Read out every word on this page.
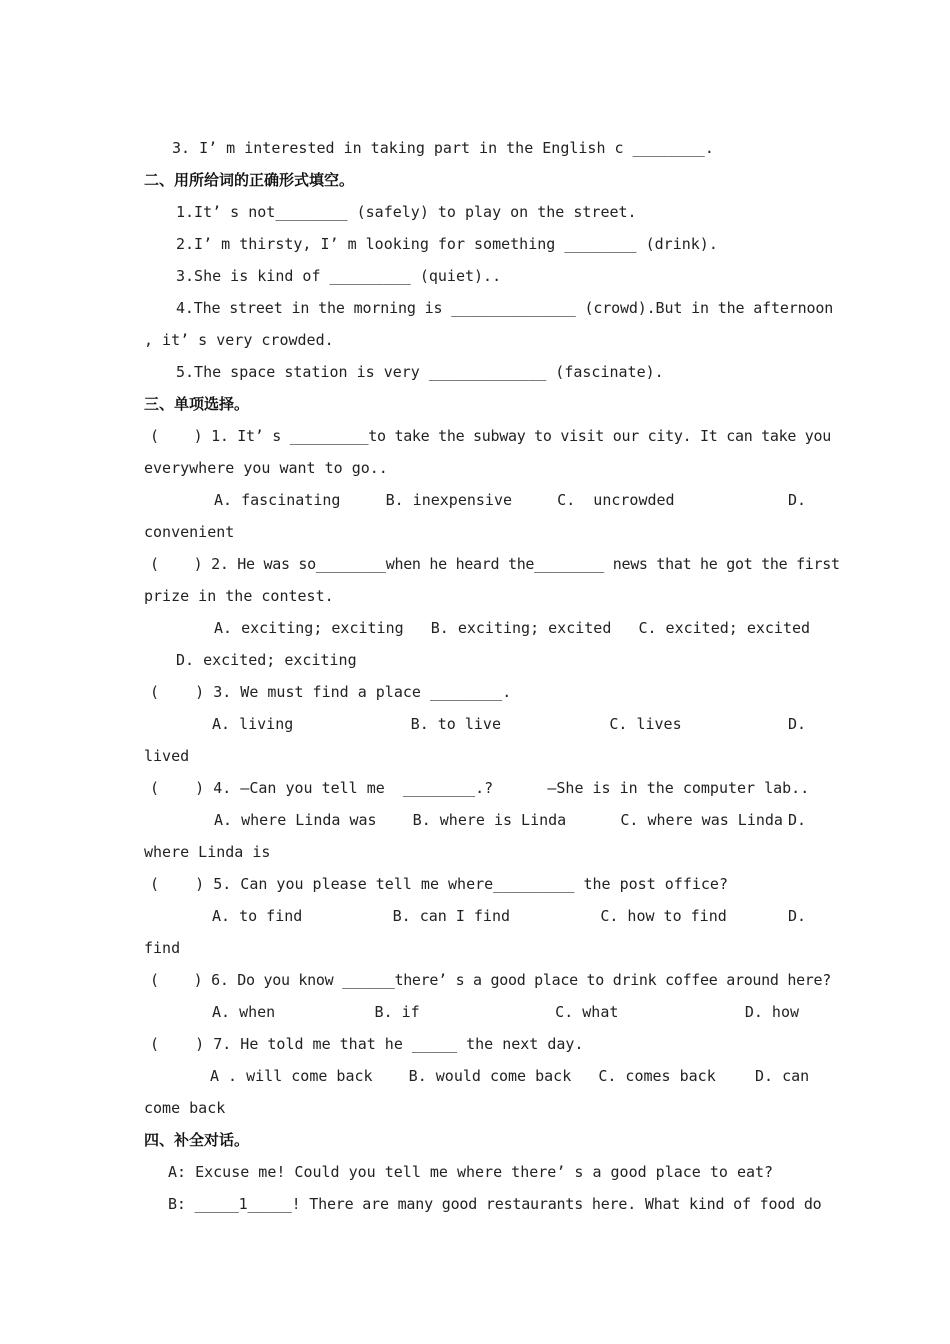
3. I’ m interested in taking part in the English c ________.
二、用所给词的正确形式填空。
1.It’ s not________ (safely) to play on the street.
2.I’ m thirsty, I’ m looking for something ________ (drink).
3.She is kind of _________ (quiet)..
4.The street in the morning is ______________ (crowd).But in the afternoon
, it’ s very crowded.
5.The space station is very _____________ (fascinate).
三、单项选择。
(    ) 1. It’ s _________to take the subway to visit our city. It can take you
everywhere you want to go..
A. fascinating     B. inexpensive     C.  uncrowded	D.
convenient
(    ) 2. He was so________when he heard the________ news that he got the first
prize in the contest.
A. exciting; exciting   B. exciting; excited   C. excited; excited
D. excited; exciting
(    ) 3. We must find a place ________.
A. living             B. to live            C. lives	D.
lived
(    ) 4. —Can you tell me  ________.?      —She is in the computer lab..
A. where Linda was    B. where is Linda      C. where was Linda D.
where Linda is
(    ) 5. Can you please tell me where_________ the post office?
A. to find          B. can I find          C. how to find	D.
find
(    ) 6. Do you know ______there’ s a good place to drink coffee around here?
A. when           B. if               C. what              D. how
(    ) 7. He told me that he _____ the next day.
A . will come back    B. would come back   C. comes back	D. can
come back
四、补全对话。
A: Excuse me! Could you tell me where there’ s a good place to eat?
B: _____1_____! There are many good restaurants here. What kind of food do
